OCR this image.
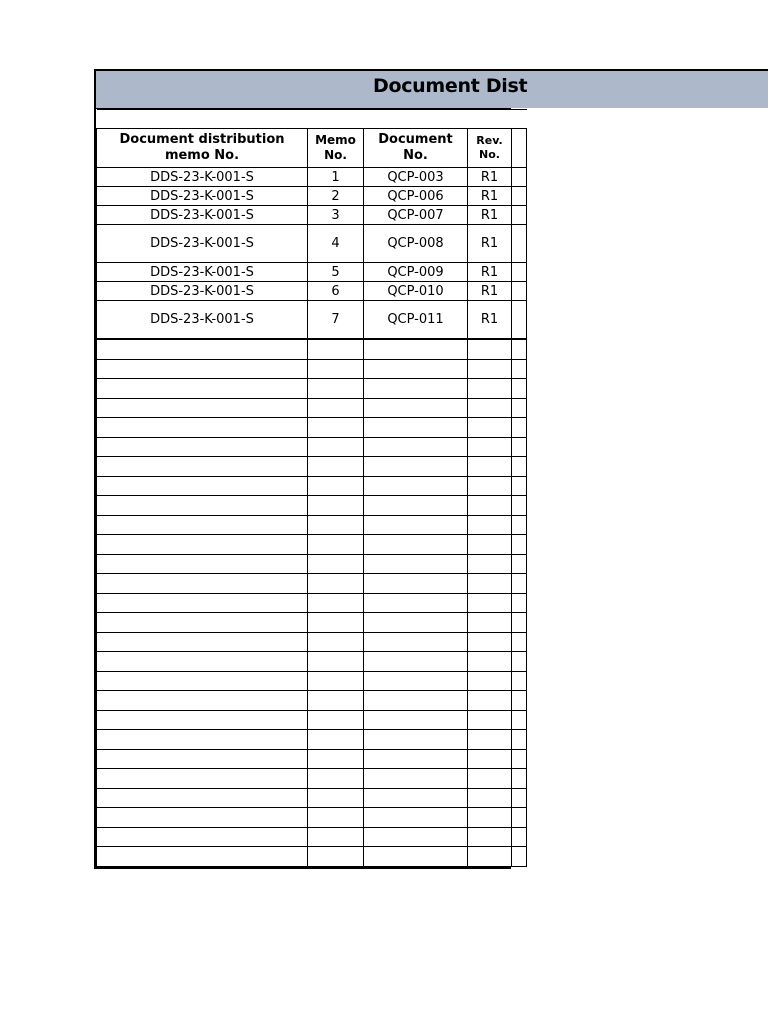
Document Dist

Document distribution memo No.	Memo No.	Document No.	Rev. No.	
DDS-23-K-001-S	1	QCP-003	R1	
DDS-23-K-001-S	2	QCP-006	R1	
DDS-23-K-001-S	3	QCP-007	R1	
DDS-23-K-001-S	4	QCP-008	R1	
DDS-23-K-001-S	5	QCP-009	R1	
DDS-23-K-001-S	6	QCP-010	R1	
DDS-23-K-001-S	7	QCP-011	R1	
